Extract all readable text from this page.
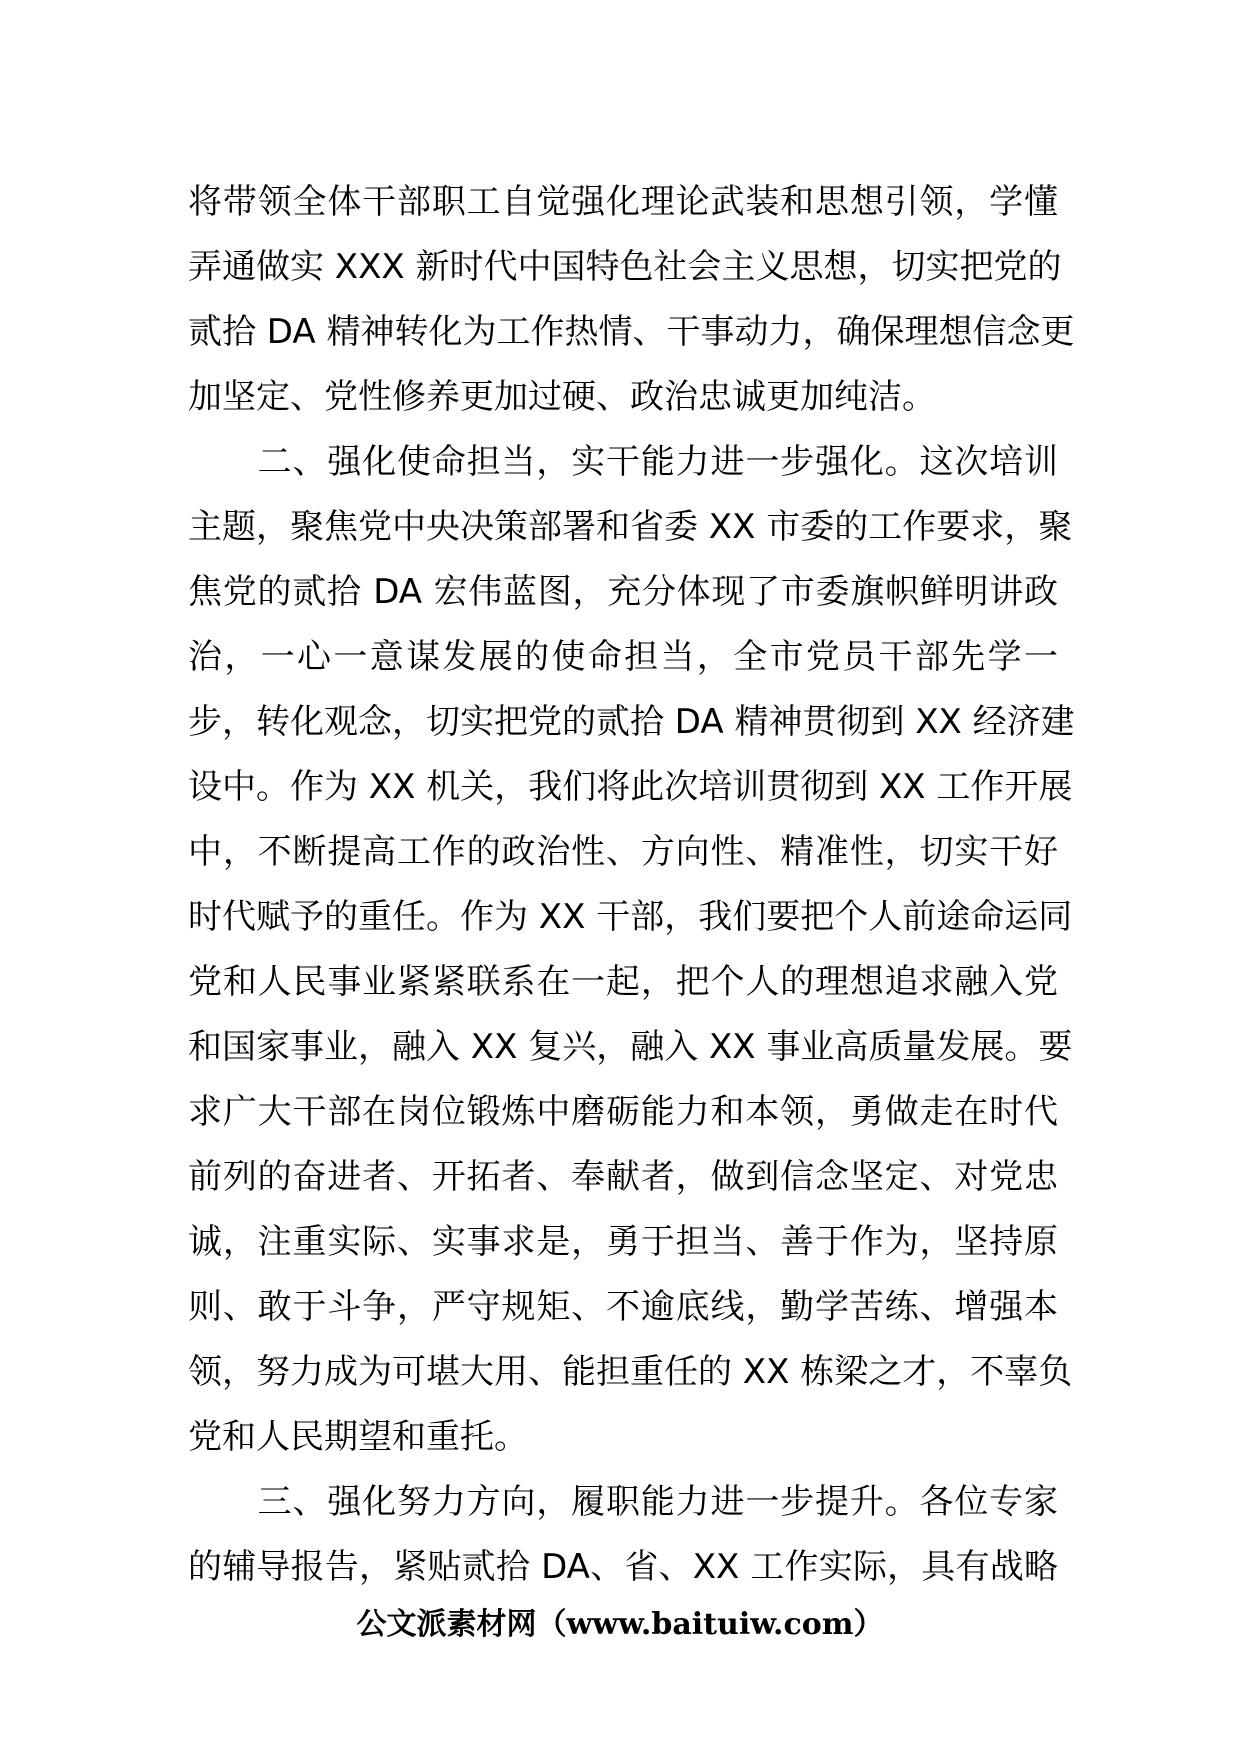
将带领全体干部职工自觉强化理论武装和思想引领，学懂
弄通做实 XXX 新时代中国特色社会主义思想，切实把党的
贰拾 DA 精神转化为工作热情、干事动力，确保理想信念更
加坚定、党性修养更加过硬、政治忠诚更加纯洁。
　　二、强化使命担当，实干能力进一步强化。这次培训
主题，聚焦党中央决策部署和省委 XX 市委的工作要求，聚
焦党的贰拾 DA 宏伟蓝图，充分体现了市委旗帜鲜明讲政
治，一心一意谋发展的使命担当，全市党员干部先学一
步，转化观念，切实把党的贰拾 DA 精神贯彻到 XX 经济建
设中。作为 XX 机关，我们将此次培训贯彻到 XX 工作开展
中，不断提高工作的政治性、方向性、精准性，切实干好
时代赋予的重任。作为 XX 干部，我们要把个人前途命运同
党和人民事业紧紧联系在一起，把个人的理想追求融入党
和国家事业，融入 XX 复兴，融入 XX 事业高质量发展。要
求广大干部在岗位锻炼中磨砺能力和本领，勇做走在时代
前列的奋进者、开拓者、奉献者，做到信念坚定、对党忠
诚，注重实际、实事求是，勇于担当、善于作为，坚持原
则、敢于斗争，严守规矩、不逾底线，勤学苦练、增强本
领，努力成为可堪大用、能担重任的 XX 栋梁之才，不辜负
党和人民期望和重托。
　　三、强化努力方向，履职能力进一步提升。各位专家
的辅导报告，紧贴贰拾 DA、省、XX 工作实际，具有战略
公文派素材网（www.baituiw.com）
